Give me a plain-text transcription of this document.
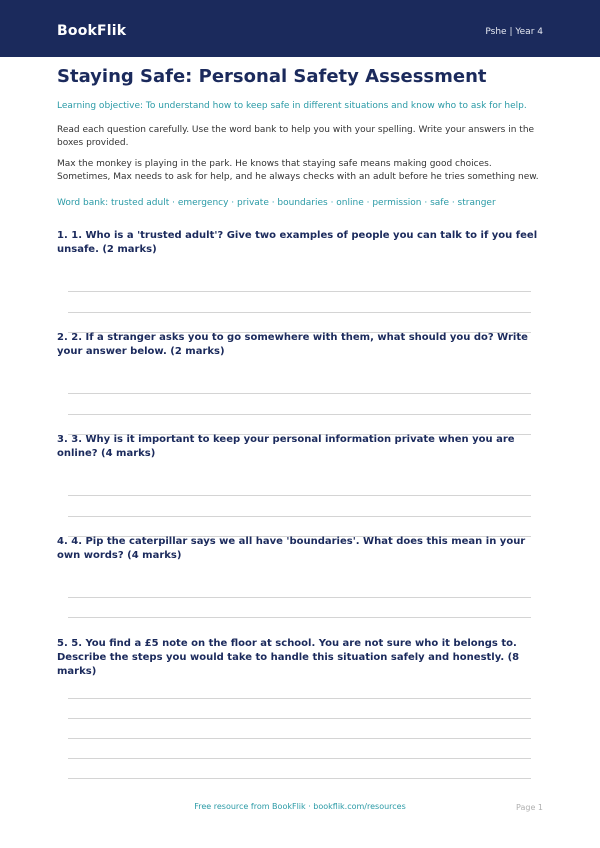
BookFlik	Pshe | Year 4
Staying Safe: Personal Safety Assessment
Learning objective: To understand how to keep safe in different situations and know who to ask for help.
Read each question carefully. Use the word bank to help you with your spelling. Write your answers in the boxes provided.
Max the monkey is playing in the park. He knows that staying safe means making good choices. Sometimes, Max needs to ask for help, and he always checks with an adult before he tries something new.
Word bank: trusted adult · emergency · private · boundaries · online · permission · safe · stranger
1. 1. Who is a 'trusted adult'? Give two examples of people you can talk to if you feel unsafe. (2 marks)
2. 2. If a stranger asks you to go somewhere with them, what should you do? Write your answer below. (2 marks)
3. 3. Why is it important to keep your personal information private when you are online? (4 marks)
4. 4. Pip the caterpillar says we all have 'boundaries'. What does this mean in your own words? (4 marks)
5. 5. You find a £5 note on the floor at school. You are not sure who it belongs to. Describe the steps you would take to handle this situation safely and honestly. (8 marks)
Free resource from BookFlik · bookflik.com/resources	Page 1
